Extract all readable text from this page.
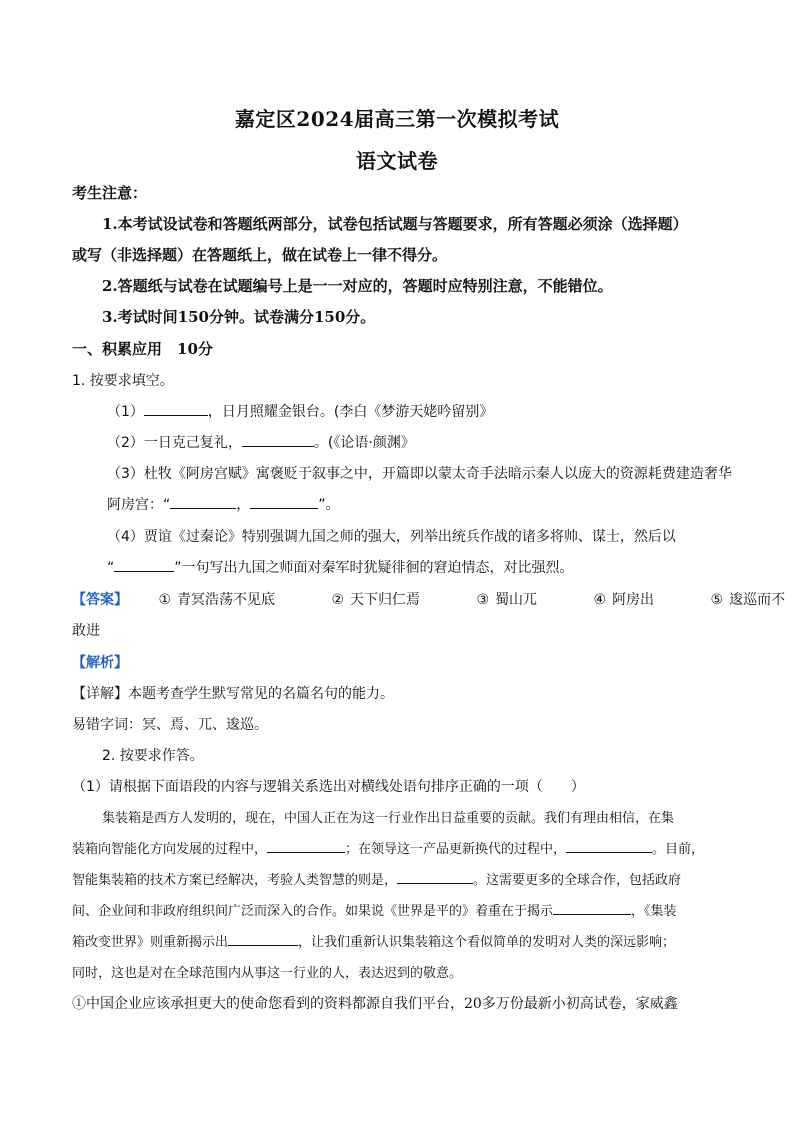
嘉定区2024届高三第一次模拟考试
语文试卷
考生注意：
1.本考试设试卷和答题纸两部分，试卷包括试题与答题要求，所有答题必须涂（选择题）
或写（非选择题）在答题纸上，做在试卷上一律不得分。
2.答题纸与试卷在试题编号上是一一对应的，答题时应特别注意，不能错位。
3.考试时间150分钟。试卷满分150分。
一、积累应用　10分
1. 按要求填空。
（1）	，日月照耀金银台。(李白《梦游天姥吟留别》
（2）一日克己复礼，	。(《论语·颜渊》
（3）杜牧《阿房宫赋》寓褒贬于叙事之中，开篇即以蒙太奇手法暗示秦人以庞大的资源耗费建造奢华
阿房宫：“	，	”。
（4）贾谊《过秦论》特别强调九国之师的强大，列举出统兵作战的诸多将帅、谋士，然后以
“	”一句写出九国之师面对秦军时犹疑徘徊的窘迫情态，对比强烈。
【答案】 ① 青冥浩荡不见底	② 天下归仁焉	③ 蜀山兀	④ 阿房出	⑤ 逡巡而不
敢进
【解析】
【详解】本题考查学生默写常见的名篇名句的能力。
易错字词：冥、焉、兀、逡巡。
2. 按要求作答。
（1）请根据下面语段的内容与逻辑关系选出对横线处语句排序正确的一项（　　）
集装箱是西方人发明的，现在，中国人正在为这一行业作出日益重要的贡献。我们有理由相信，在集
装箱向智能化方向发展的过程中，	；在领导这一产品更新换代的过程中，	。目前，
智能集装箱的技术方案已经解决，考验人类智慧的则是，	。这需要更多的全球合作，包括政府
间、企业间和非政府组织间广泛而深入的合作。如果说《世界是平的》着重在于揭示	，《集装
箱改变世界》则重新揭示出	，让我们重新认识集装箱这个看似简单的发明对人类的深远影响；
同时，这也是对在全球范围内从事这一行业的人，表达迟到的敬意。
①中国企业应该承担更大的使命您看到的资料都源自我们平台，20多万份最新小初高试卷，家威鑫
